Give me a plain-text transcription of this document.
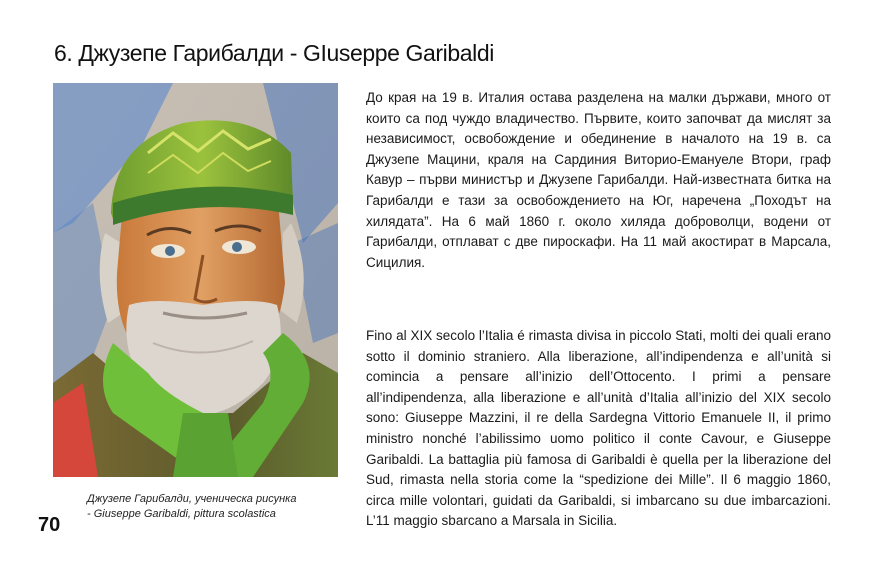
6. Джузепе Гарибалди - GIuseppe Garibaldi
Джузепе Гарибалди, ученическа рисунка - Giuseppe Garibaldi, pittura scolastica
70

До края на 19 в. Италия остава разделена на малки държави, много от които са под чуждо владичество. Първите, които започват да мислят за независимост, освобождение и обединение в началото на 19 в. са Джузепе Мацини, краля на Сардиния Виторио-Емануеле Втори, граф Кавур – първи министър и Джузепе Гарибалди. Най-известната битка на Гарибалди е тази за освобождението на Юг, наречена „Походът на хилядата”. На 6 май 1860 г. около хиляда доброволци, водени от Гарибалди, отплават с две пироскафи. На 11 май акостират в Марсала, Сицилия.

Fino al XIX secolo l’Italia é rimasta divisa in piccolo Stati, molti dei quali erano sotto il dominio straniero. Alla liberazione, all’indipendenza e all’unità si comincia a pensare all’inizio dell’Ottocento. I primi a pensare all’indipendenza, alla liberazione e all’unità d’Italia all’inizio del XIX secolo sono: Giuseppe Mazzini, il re della Sardegna Vittorio Emanuele II, il primo ministro nonché l’abilissimo uomo politico il conte Cavour, e Giuseppe Garibaldi. La battaglia più famosa di Garibaldi è quella per la liberazione del Sud, rimasta nella storia come la “spedizione dei Mille”. Il 6 maggio 1860, circa mille volontari, guidati da Garibaldi, si imbarcano su due imbarcazioni. L’11 maggio sbarcano a Marsala in Sicilia.
